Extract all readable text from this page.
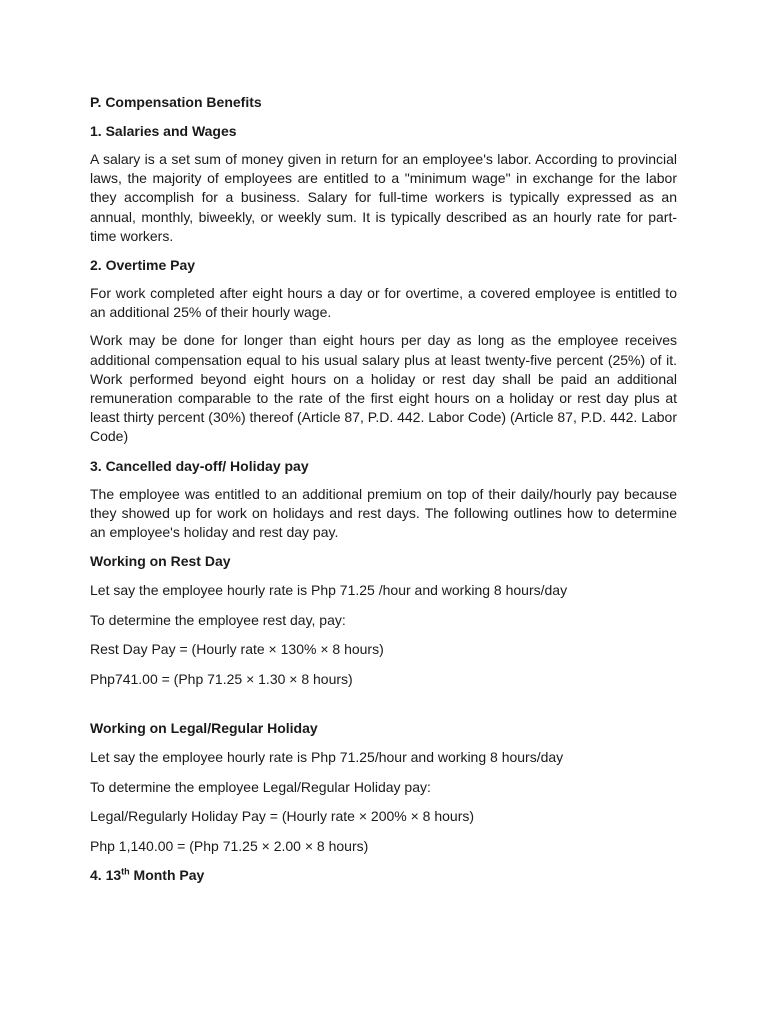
P. Compensation Benefits
1. Salaries and Wages
A salary is a set sum of money given in return for an employee's labor. According to provincial laws, the majority of employees are entitled to a "minimum wage" in exchange for the labor they accomplish for a business. Salary for full-time workers is typically expressed as an annual, monthly, biweekly, or weekly sum. It is typically described as an hourly rate for part-time workers.
2. Overtime Pay
For work completed after eight hours a day or for overtime, a covered employee is entitled to an additional 25% of their hourly wage.
Work may be done for longer than eight hours per day as long as the employee receives additional compensation equal to his usual salary plus at least twenty-five percent (25%) of it. Work performed beyond eight hours on a holiday or rest day shall be paid an additional remuneration comparable to the rate of the first eight hours on a holiday or rest day plus at least thirty percent (30%) thereof (Article 87, P.D. 442. Labor Code) (Article 87, P.D. 442. Labor Code)
3. Cancelled day-off/ Holiday pay
The employee was entitled to an additional premium on top of their daily/hourly pay because they showed up for work on holidays and rest days. The following outlines how to determine an employee's holiday and rest day pay.
Working on Rest Day
Let say the employee hourly rate is Php 71.25 /hour and working 8 hours/day
To determine the employee rest day, pay:
Rest Day Pay = (Hourly rate × 130% × 8 hours)
Php741.00 = (Php 71.25 × 1.30 × 8 hours)
Working on Legal/Regular Holiday
Let say the employee hourly rate is Php 71.25/hour and working 8 hours/day
To determine the employee Legal/Regular Holiday pay:
Legal/Regularly Holiday Pay = (Hourly rate × 200% × 8 hours)
Php 1,140.00 = (Php 71.25 × 2.00 × 8 hours)
4. 13th Month Pay
